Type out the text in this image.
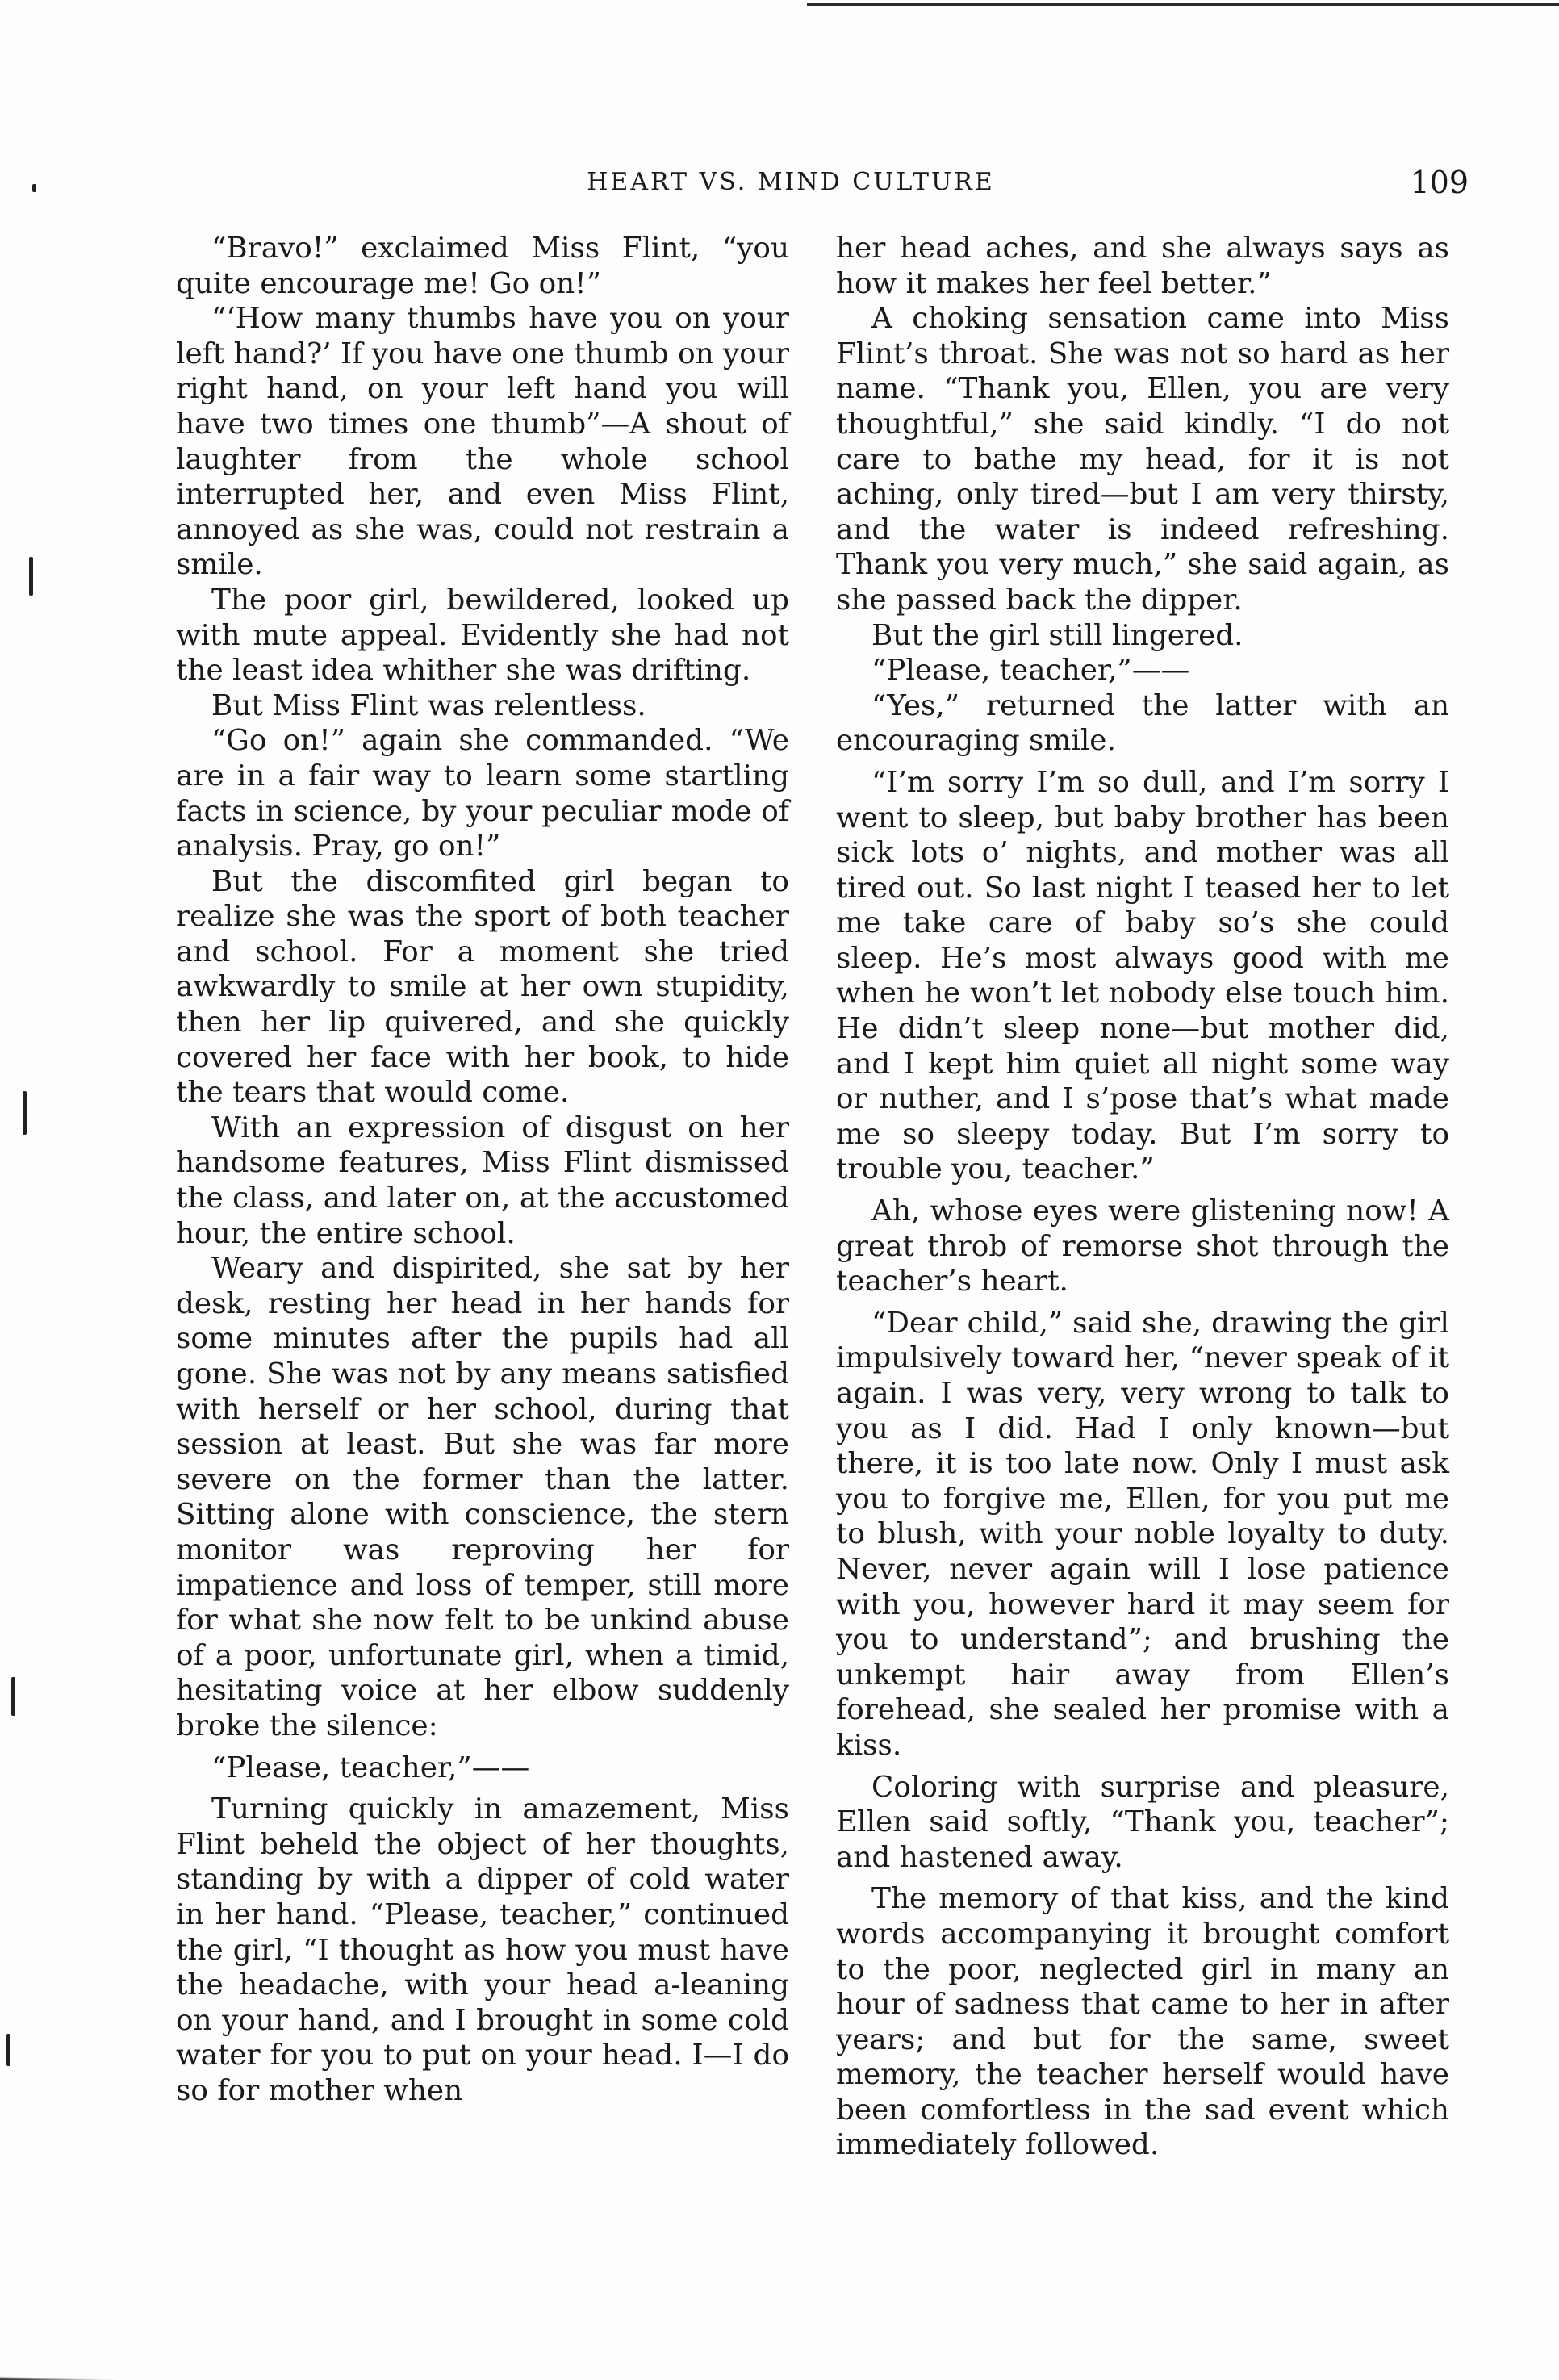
HEART VS. MIND CULTURE	109

“Bravo!” exclaimed Miss Flint, “you quite encourage me! Go on!”

“‘How many thumbs have you on your left hand?’ If you have one thumb on your right hand, on your left hand you will have two times one thumb”—A shout of laughter from the whole school interrupted her, and even Miss Flint, annoyed as she was, could not restrain a smile.

The poor girl, bewildered, looked up with mute appeal. Evidently she had not the least idea whither she was drifting.

But Miss Flint was relentless.

“Go on!” again she commanded. “We are in a fair way to learn some startling facts in science, by your peculiar mode of analysis. Pray, go on!”

But the discomfited girl began to realize she was the sport of both teacher and school. For a moment she tried awkwardly to smile at her own stupidity, then her lip quivered, and she quickly covered her face with her book, to hide the tears that would come.

With an expression of disgust on her handsome features, Miss Flint dismissed the class, and later on, at the accustomed hour, the entire school.

Weary and dispirited, she sat by her desk, resting her head in her hands for some minutes after the pupils had all gone. She was not by any means satisfied with herself or her school, during that session at least. But she was far more severe on the former than the latter. Sitting alone with conscience, the stern monitor was reproving her for impatience and loss of temper, still more for what she now felt to be unkind abuse of a poor, unfortunate girl, when a timid, hesitating voice at her elbow suddenly broke the silence:

“Please, teacher,”——

Turning quickly in amazement, Miss Flint beheld the object of her thoughts, standing by with a dipper of cold water in her hand. “Please, teacher,” continued the girl, “I thought as how you must have the headache, with your head a-leaning on your hand, and I brought in some cold water for you to put on your head. I—I do so for mother when

her head aches, and she always says as how it makes her feel better.”

A choking sensation came into Miss Flint’s throat. She was not so hard as her name. “Thank you, Ellen, you are very thoughtful,” she said kindly. “I do not care to bathe my head, for it is not aching, only tired—but I am very thirsty, and the water is indeed refreshing. Thank you very much,” she said again, as she passed back the dipper.

But the girl still lingered.

“Please, teacher,”——

“Yes,” returned the latter with an encouraging smile.

“I’m sorry I’m so dull, and I’m sorry I went to sleep, but baby brother has been sick lots o’ nights, and mother was all tired out. So last night I teased her to let me take care of baby so’s she could sleep. He’s most always good with me when he won’t let nobody else touch him. He didn’t sleep none—but mother did, and I kept him quiet all night some way or nuther, and I s’pose that’s what made me so sleepy today. But I’m sorry to trouble you, teacher.”

Ah, whose eyes were glistening now! A great throb of remorse shot through the teacher’s heart.

“Dear child,” said she, drawing the girl impulsively toward her, “never speak of it again. I was very, very wrong to talk to you as I did. Had I only known—but there, it is too late now. Only I must ask you to forgive me, Ellen, for you put me to blush, with your noble loyalty to duty. Never, never again will I lose patience with you, however hard it may seem for you to understand”; and brushing the unkempt hair away from Ellen’s forehead, she sealed her promise with a kiss.

Coloring with surprise and pleasure, Ellen said softly, “Thank you, teacher”; and hastened away.

The memory of that kiss, and the kind words accompanying it brought comfort to the poor, neglected girl in many an hour of sadness that came to her in after years; and but for the same, sweet memory, the teacher herself would have been comfortless in the sad event which immediately followed.
